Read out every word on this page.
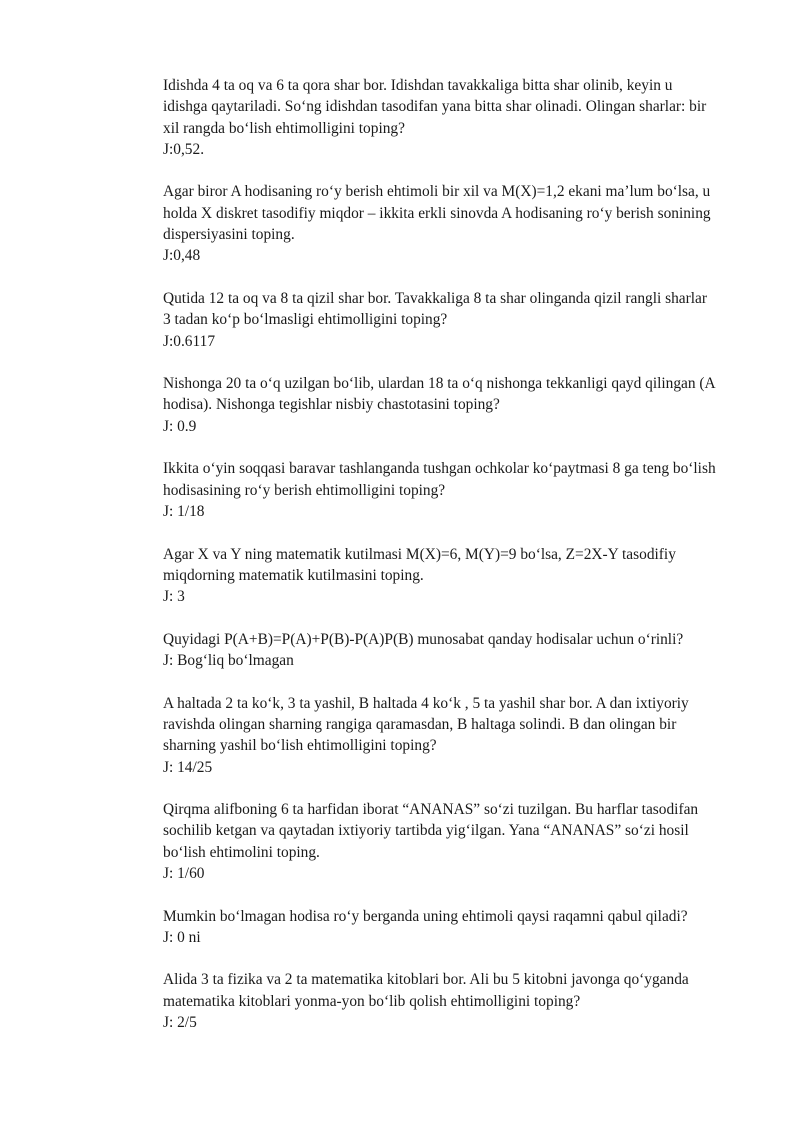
Idishda 4 ta oq va 6 ta qora shar bor. Idishdan tavakkaliga bitta shar olinib, keyin u
idishga qaytariladi. So‘ng idishdan tasodifan yana bitta shar olinadi. Olingan sharlar: bir
xil rangda bo‘lish ehtimolligini toping?
J:0,52.
Agar biror A hodisaning ro‘y berish ehtimoli bir xil va M(X)=1,2 ekani ma’lum bo‘lsa, u
holda X diskret tasodifiy miqdor – ikkita erkli sinovda A hodisaning ro‘y berish sonining
dispersiyasini toping.
J:0,48
Qutida 12 ta oq va 8 ta qizil shar bor. Tavakkaliga 8 ta shar olinganda qizil rangli sharlar
3 tadan ko‘p bo‘lmasligi ehtimolligini toping?
J:0.6117
Nishonga 20 ta o‘q uzilgan bo‘lib, ulardan 18 ta o‘q nishonga tekkanligi qayd qilingan (A
hodisa). Nishonga tegishlar nisbiy chastotasini toping?
J: 0.9
Ikkita o‘yin soqqasi baravar tashlanganda tushgan ochkolar ko‘paytmasi 8 ga teng bo‘lish
hodisasining ro‘y berish ehtimolligini toping?
J: 1/18
Agar X va Y ning matematik kutilmasi M(X)=6, M(Y)=9 bo‘lsa, Z=2X-Y tasodifiy
miqdorning matematik kutilmasini toping.
J: 3
Quyidagi P(A+B)=P(A)+P(B)-P(A)P(B) munosabat qanday hodisalar uchun o‘rinli?
J: Bog‘liq bo‘lmagan
A haltada 2 ta ko‘k, 3 ta yashil, B haltada 4 ko‘k , 5 ta yashil shar bor. A dan ixtiyoriy
ravishda olingan sharning rangiga qaramasdan, B haltaga solindi. B dan olingan bir
sharning yashil bo‘lish ehtimolligini toping?
J: 14/25
Qirqma alifboning 6 ta harfidan iborat “ANANAS” so‘zi tuzilgan. Bu harflar tasodifan
sochilib ketgan va qaytadan ixtiyoriy tartibda yig‘ilgan. Yana “ANANAS” so‘zi hosil
bo‘lish ehtimolini toping.
J: 1/60
Mumkin bo‘lmagan hodisa ro‘y berganda uning ehtimoli qaysi raqamni qabul qiladi?
J: 0 ni
Alida 3 ta fizika va 2 ta matematika kitoblari bor. Ali bu 5 kitobni javonga qo‘yganda
matematika kitoblari yonma-yon bo‘lib qolish ehtimolligini toping?
J: 2/5
